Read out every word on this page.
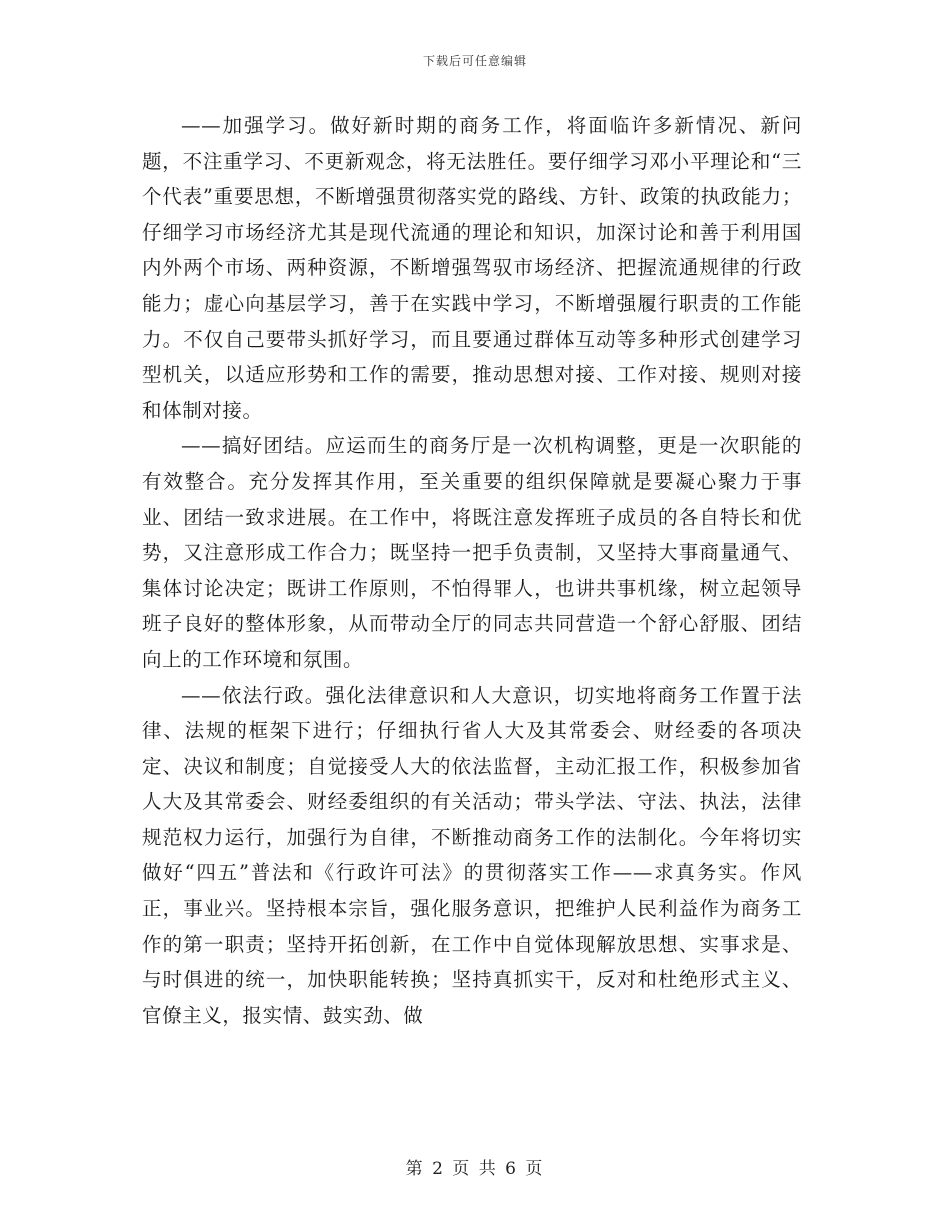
下载后可任意编辑

——加强学习。做好新时期的商务工作，将面临许多新情况、新问题，不注重学习、不更新观念，将无法胜任。要仔细学习邓小平理论和“三个代表”重要思想，不断增强贯彻落实党的路线、方针、政策的执政能力；仔细学习市场经济尤其是现代流通的理论和知识，加深讨论和善于利用国内外两个市场、两种资源，不断增强驾驭市场经济、把握流通规律的行政能力；虚心向基层学习，善于在实践中学习，不断增强履行职责的工作能力。不仅自己要带头抓好学习，而且要通过群体互动等多种形式创建学习型机关，以适应形势和工作的需要，推动思想对接、工作对接、规则对接和体制对接。

——搞好团结。应运而生的商务厅是一次机构调整，更是一次职能的有效整合。充分发挥其作用，至关重要的组织保障就是要凝心聚力于事业、团结一致求进展。在工作中，将既注意发挥班子成员的各自特长和优势，又注意形成工作合力；既坚持一把手负责制，又坚持大事商量通气、集体讨论决定；既讲工作原则，不怕得罪人，也讲共事机缘，树立起领导班子良好的整体形象，从而带动全厅的同志共同营造一个舒心舒服、团结向上的工作环境和氛围。

——依法行政。强化法律意识和人大意识，切实地将商务工作置于法律、法规的框架下进行；仔细执行省人大及其常委会、财经委的各项决定、决议和制度；自觉接受人大的依法监督，主动汇报工作，积极参加省人大及其常委会、财经委组织的有关活动；带头学法、守法、执法，法律规范权力运行，加强行为自律，不断推动商务工作的法制化。今年将切实做好“四五”普法和《行政许可法》的贯彻落实工作——求真务实。作风正，事业兴。坚持根本宗旨，强化服务意识，把维护人民利益作为商务工作的第一职责；坚持开拓创新，在工作中自觉体现解放思想、实事求是、与时俱进的统一，加快职能转换；坚持真抓实干，反对和杜绝形式主义、官僚主义，报实情、鼓实劲、做

第 2 页 共 6 页
